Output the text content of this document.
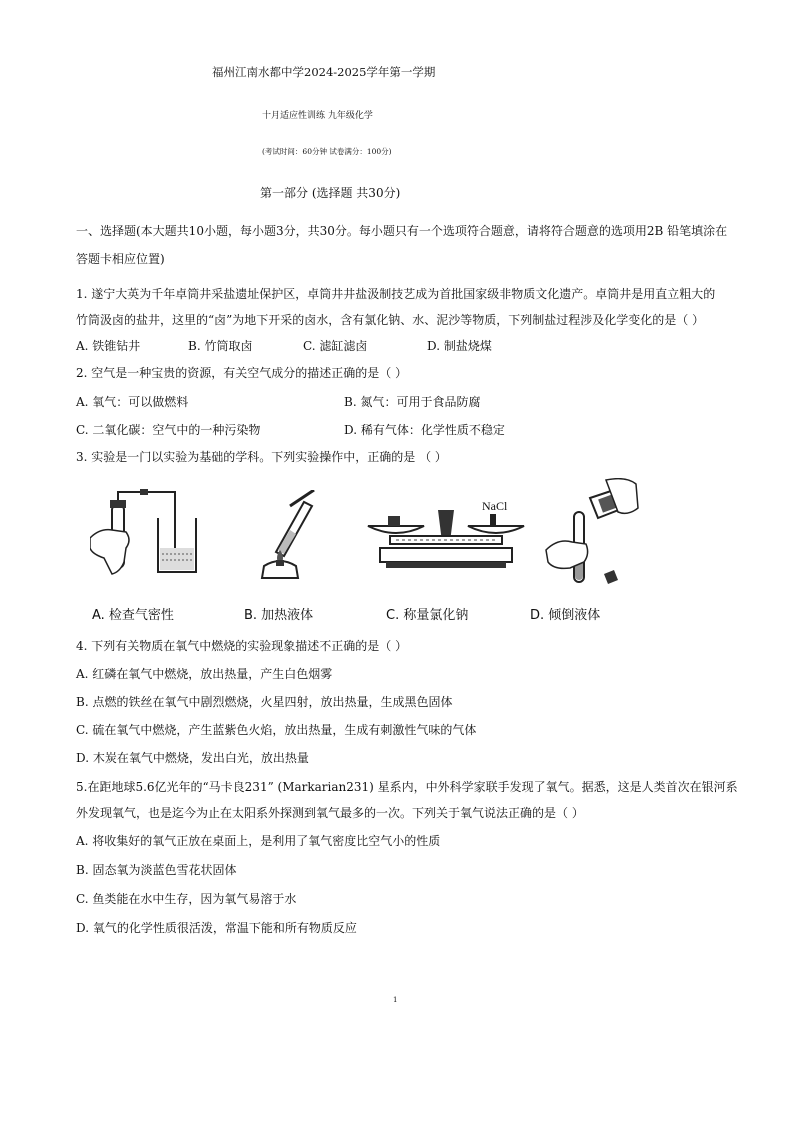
福州江南水都中学2024-2025学年第一学期
十月适应性训练 九年级化学
(考试时间：60分钟 试卷满分：100分)
第一部分 (选择题 共30分)
一、选择题(本大题共10小题，每小题3分，共30分。每小题只有一个选项符合题意，请将符合题意的选项用2B 铅笔填涂在
答题卡相应位置)
1. 遂宁大英为千年卓筒井采盐遗址保护区，卓筒井井盐汲制技艺成为首批国家级非物质文化遗产。卓筒井是用直立粗大的
竹筒汲卤的盐井，这里的“卤”为地下开采的卤水，含有氯化钠、水、泥沙等物质，下列制盐过程涉及化学变化的是（ ）
A. 铁锥钻井	B. 竹筒取卤	C. 滤缸滤卤	D. 制盐烧煤
2. 空气是一种宝贵的资源，有关空气成分的描述正确的是（ ）
A. 氧气：可以做燃料	B. 氮气：可用于食品防腐
C. 二氧化碳：空气中的一种污染物	D. 稀有气体：化学性质不稳定
3. 实验是一门以实验为基础的学科。下列实验操作中，正确的是 （ ）
NaCl
A. 检查气密性	B. 加热液体	C. 称量氯化钠	D. 倾倒液体
4. 下列有关物质在氧气中燃烧的实验现象描述不正确的是（ ）
A. 红磷在氧气中燃烧，放出热量，产生白色烟雾
B. 点燃的铁丝在氧气中剧烈燃烧，火星四射，放出热量，生成黑色固体
C. 硫在氧气中燃烧，产生蓝紫色火焰，放出热量，生成有刺激性气味的气体
D. 木炭在氧气中燃烧，发出白光，放出热量
5.在距地球5.6亿光年的“马卡良231” (Markarian231) 星系内，中外科学家联手发现了氧气。据悉，这是人类首次在银河系
外发现氧气，也是迄今为止在太阳系外探测到氧气最多的一次。下列关于氧气说法正确的是（ ）
A. 将收集好的氧气正放在桌面上，是利用了氧气密度比空气小的性质
B. 固态氧为淡蓝色雪花状固体
C. 鱼类能在水中生存，因为氧气易溶于水
D. 氧气的化学性质很活泼，常温下能和所有物质反应
1
